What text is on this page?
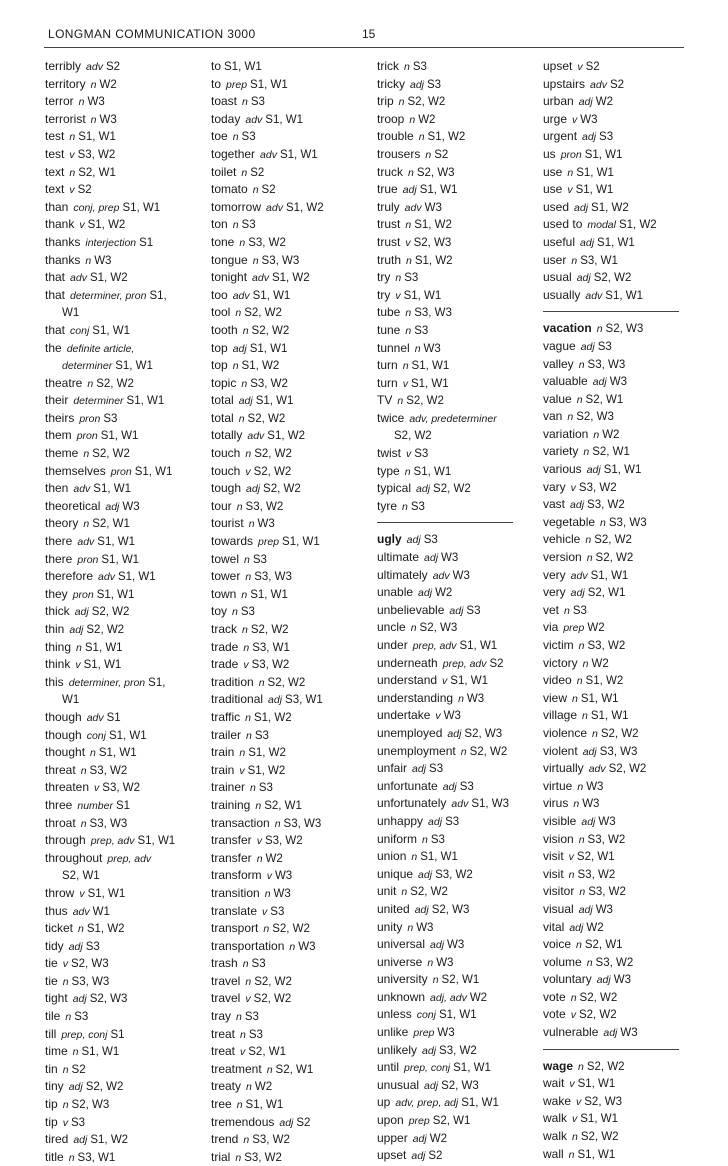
LONGMAN COMMUNICATION 3000	15
terribly adv S2
territory n W2
terror n W3
terrorist n W3
test n S1, W1
test v S3, W2
text n S2, W1
text v S2
than conj, prep S1, W1
thank v S1, W2
thanks interjection S1
thanks n W3
that adv S1, W2
that determiner, pron S1,
W1
that conj S1, W1
the definite article,
determiner S1, W1
theatre n S2, W2
their determiner S1, W1
theirs pron S3
them pron S1, W1
theme n S2, W2
themselves pron S1, W1
then adv S1, W1
theoretical adj W3
theory n S2, W1
there adv S1, W1
there pron S1, W1
therefore adv S1, W1
they pron S1, W1
thick adj S2, W2
thin adj S2, W2
thing n S1, W1
think v S1, W1
this determiner, pron S1,
W1
though adv S1
though conj S1, W1
thought n S1, W1
threat n S3, W2
threaten v S3, W2
three number S1
throat n S3, W3
through prep, adv S1, W1
throughout prep, adv
S2, W1
throw v S1, W1
thus adv W1
ticket n S1, W2
tidy adj S3
tie v S2, W3
tie n S3, W3
tight adj S2, W3
tile n S3
till prep, conj S1
time n S1, W1
tin n S2
tiny adj S2, W2
tip n S2, W3
tip v S3
tired adj S1, W2
title n S3, W1
to S1, W1
to prep S1, W1
toast n S3
today adv S1, W1
toe n S3
together adv S1, W1
toilet n S2
tomato n S2
tomorrow adv S1, W2
ton n S3
tone n S3, W2
tongue n S3, W3
tonight adv S1, W2
too adv S1, W1
tool n S2, W2
tooth n S2, W2
top adj S1, W1
top n S1, W2
topic n S3, W2
total adj S1, W1
total n S2, W2
totally adv S1, W2
touch n S2, W2
touch v S2, W2
tough adj S2, W2
tour n S3, W2
tourist n W3
towards prep S1, W1
towel n S3
tower n S3, W3
town n S1, W1
toy n S3
track n S2, W2
trade n S3, W1
trade v S3, W2
tradition n S2, W2
traditional adj S3, W1
traffic n S1, W2
trailer n S3
train n S1, W2
train v S1, W2
trainer n S3
training n S2, W1
transaction n S3, W3
transfer v S3, W2
transfer n W2
transform v W3
transition n W3
translate v S3
transport n S2, W2
transportation n W3
trash n S3
travel n S2, W2
travel v S2, W2
tray n S3
treat n S3
treat v S2, W1
treatment n S2, W1
treaty n W2
tree n S1, W1
tremendous adj S2
trend n S3, W2
trial n S3, W2
trick n S3
tricky adj S3
trip n S2, W2
troop n W2
trouble n S1, W2
trousers n S2
truck n S2, W3
true adj S1, W1
truly adv W3
trust n S1, W2
trust v S2, W3
truth n S1, W2
try n S3
try v S1, W1
tube n S3, W3
tune n S3
tunnel n W3
turn n S1, W1
turn v S1, W1
TV n S2, W2
twice adv, predeterminer
S2, W2
twist v S3
type n S1, W1
typical adj S2, W2
tyre n S3
ugly adj S3
ultimate adj W3
ultimately adv W3
unable adj W2
unbelievable adj S3
uncle n S2, W3
under prep, adv S1, W1
underneath prep, adv S2
understand v S1, W1
understanding n W3
undertake v W3
unemployed adj S2, W3
unemployment n S2, W2
unfair adj S3
unfortunate adj S3
unfortunately adv S1, W3
unhappy adj S3
uniform n S3
union n S1, W1
unique adj S3, W2
unit n S2, W2
united adj S2, W3
unity n W3
universal adj W3
universe n W3
university n S2, W1
unknown adj, adv W2
unless conj S1, W1
unlike prep W3
unlikely adj S3, W2
until prep, conj S1, W1
unusual adj S2, W3
up adv, prep, adj S1, W1
upon prep S2, W1
upper adj W2
upset adj S2
upset v S2
upstairs adv S2
urban adj W2
urge v W3
urgent adj S3
us pron S1, W1
use n S1, W1
use v S1, W1
used adj S1, W2
used to modal S1, W2
useful adj S1, W1
user n S3, W1
usual adj S2, W2
usually adv S1, W1
vacation n S2, W3
vague adj S3
valley n S3, W3
valuable adj W3
value n S2, W1
van n S2, W3
variation n W2
variety n S2, W1
various adj S1, W1
vary v S3, W2
vast adj S3, W2
vegetable n S3, W3
vehicle n S2, W2
version n S2, W2
very adv S1, W1
very adj S2, W1
vet n S3
via prep W2
victim n S3, W2
victory n W2
video n S1, W2
view n S1, W1
village n S1, W1
violence n S2, W2
violent adj S3, W3
virtually adv S2, W2
virtue n W3
virus n W3
visible adj W3
vision n S3, W2
visit v S2, W1
visit n S3, W2
visitor n S3, W2
visual adj W3
vital adj W2
voice n S2, W1
volume n S3, W2
voluntary adj W3
vote n S2, W2
vote v S2, W2
vulnerable adj W3
wage n S2, W2
wait v S1, W1
wake v S2, W3
walk v S1, W1
walk n S2, W2
wall n S1, W1
